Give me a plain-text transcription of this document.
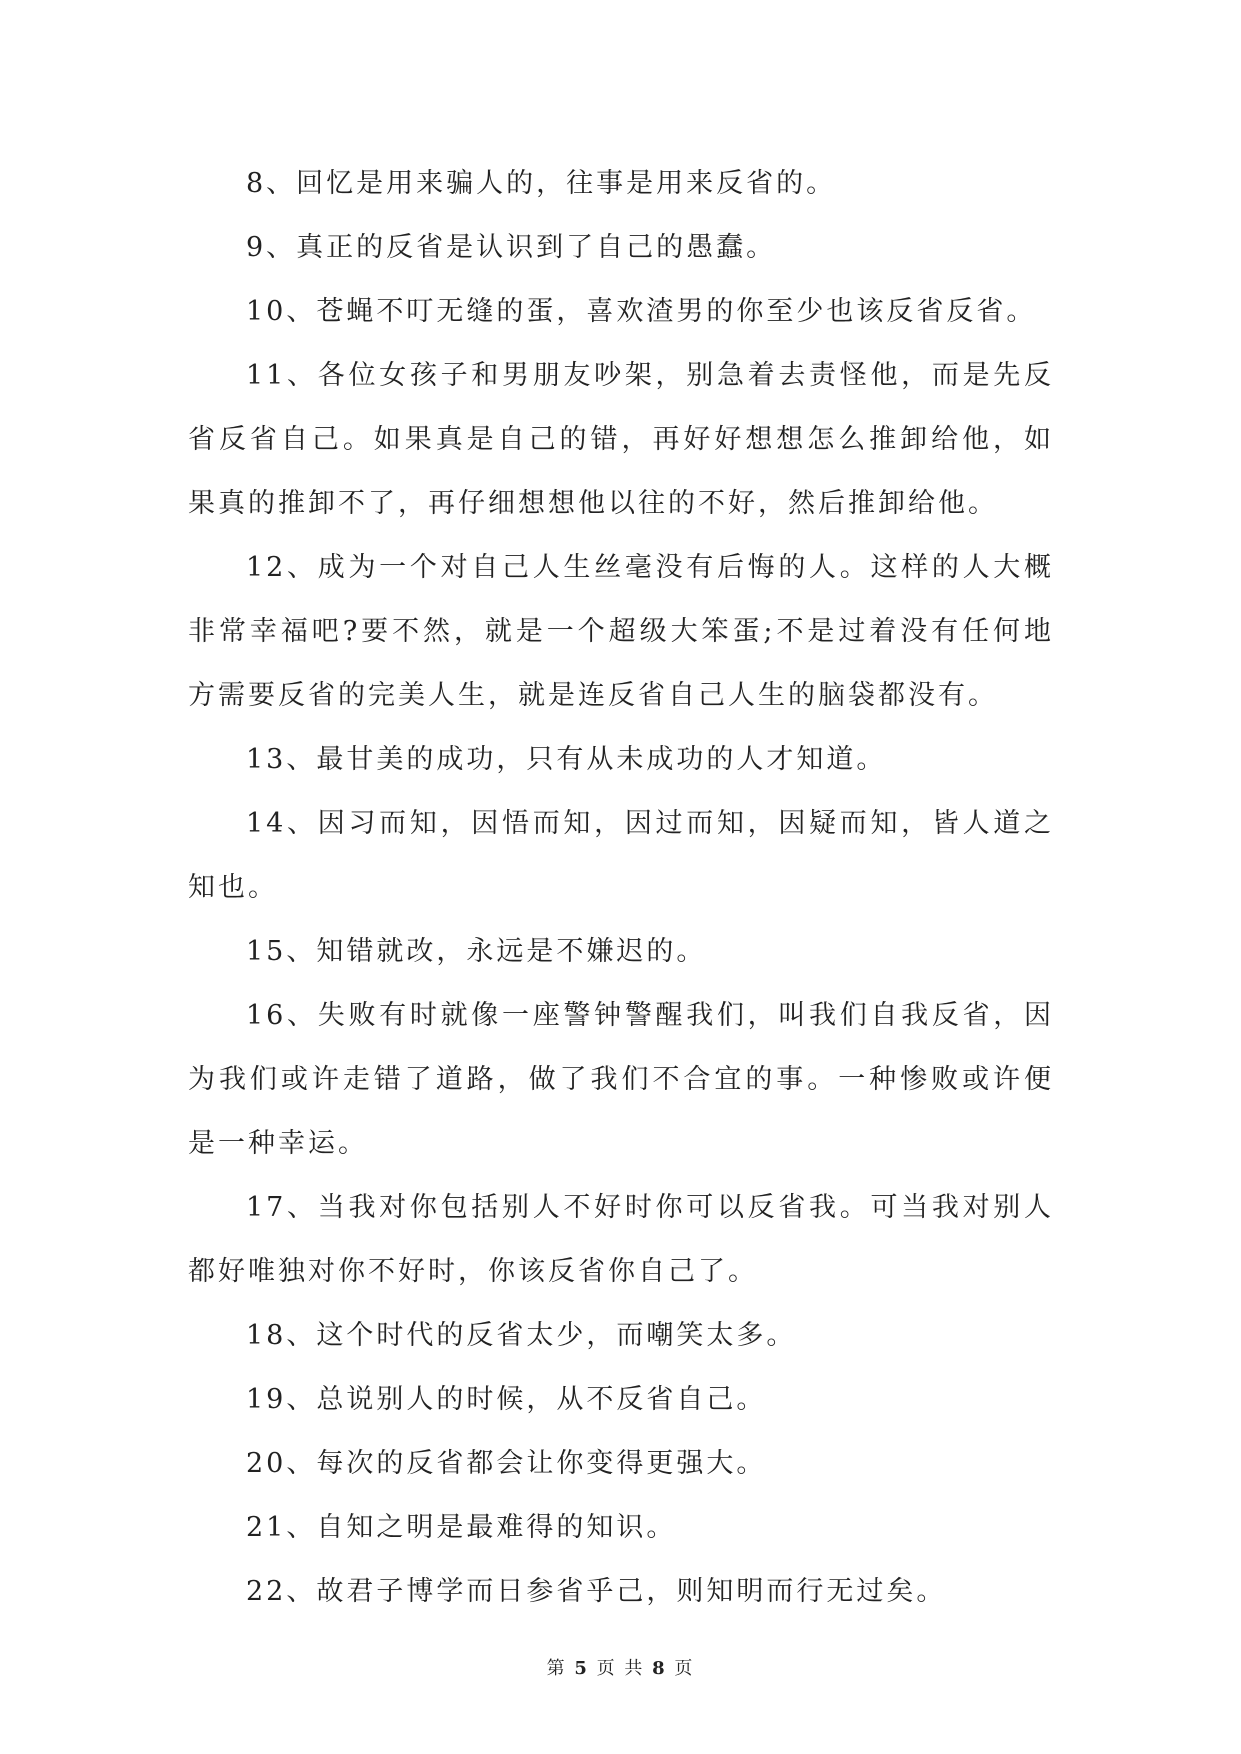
8、回忆是用来骗人的，往事是用来反省的。

9、真正的反省是认识到了自己的愚蠢。

10、苍蝇不叮无缝的蛋，喜欢渣男的你至少也该反省反省。

11、各位女孩子和男朋友吵架，别急着去责怪他，而是先反省反省自己。如果真是自己的错，再好好想想怎么推卸给他，如果真的推卸不了，再仔细想想他以往的不好，然后推卸给他。

12、成为一个对自己人生丝毫没有后悔的人。这样的人大概非常幸福吧?要不然，就是一个超级大笨蛋;不是过着没有任何地方需要反省的完美人生，就是连反省自己人生的脑袋都没有。

13、最甘美的成功，只有从未成功的人才知道。

14、因习而知，因悟而知，因过而知，因疑而知，皆人道之知也。

15、知错就改，永远是不嫌迟的。

16、失败有时就像一座警钟警醒我们，叫我们自我反省，因为我们或许走错了道路，做了我们不合宜的事。一种惨败或许便是一种幸运。

17、当我对你包括别人不好时你可以反省我。可当我对别人都好唯独对你不好时，你该反省你自己了。

18、这个时代的反省太少，而嘲笑太多。

19、总说别人的时候，从不反省自己。

20、每次的反省都会让你变得更强大。

21、自知之明是最难得的知识。

22、故君子博学而日参省乎己，则知明而行无过矣。

第 5 页 共 8 页
